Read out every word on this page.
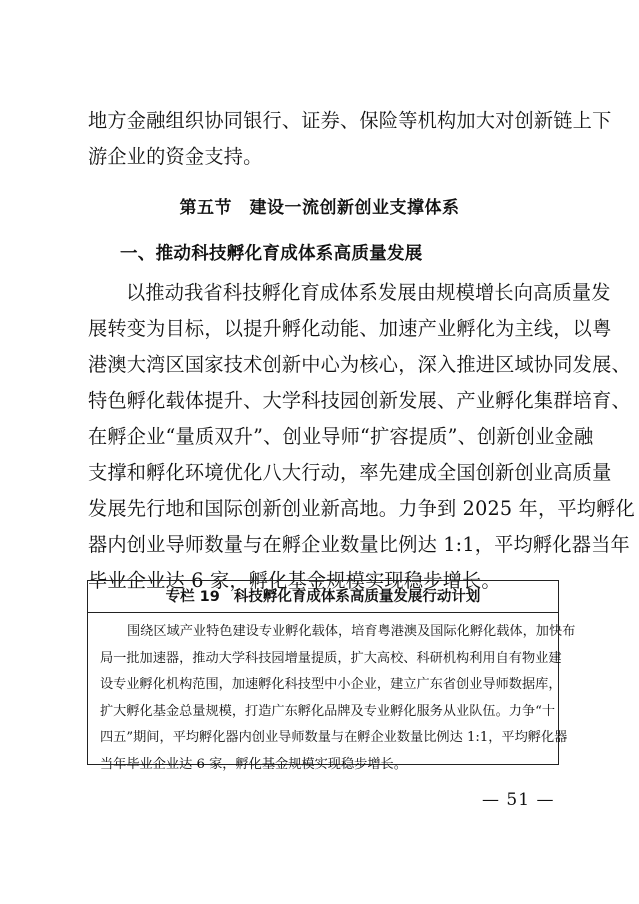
地方金融组织协同银行、证券、保险等机构加大对创新链上下
游企业的资金支持。
第五节　建设一流创新创业支撑体系
一、推动科技孵化育成体系高质量发展
以推动我省科技孵化育成体系发展由规模增长向高质量发
展转变为目标，以提升孵化动能、加速产业孵化为主线，以粤
港澳大湾区国家技术创新中心为核心，深入推进区域协同发展、
特色孵化载体提升、大学科技园创新发展、产业孵化集群培育、
在孵企业“量质双升”、创业导师“扩容提质”、创新创业金融
支撑和孵化环境优化八大行动，率先建成全国创新创业高质量
发展先行地和国际创新创业新高地。力争到 2025 年，平均孵化
器内创业导师数量与在孵企业数量比例达 1:1，平均孵化器当年
毕业企业达 6 家，孵化基金规模实现稳步增长。
专栏 19 科技孵化育成体系高质量发展行动计划
围绕区域产业特色建设专业孵化载体，培育粤港澳及国际化孵化载体，加快布
局一批加速器，推动大学科技园增量提质，扩大高校、科研机构利用自有物业建
设专业孵化机构范围，加速孵化科技型中小企业，建立广东省创业导师数据库，
扩大孵化基金总量规模，打造广东孵化品牌及专业孵化服务从业队伍。力争“十
四五”期间，平均孵化器内创业导师数量与在孵企业数量比例达 1:1，平均孵化器
当年毕业企业达 6 家，孵化基金规模实现稳步增长。
— 51 —
